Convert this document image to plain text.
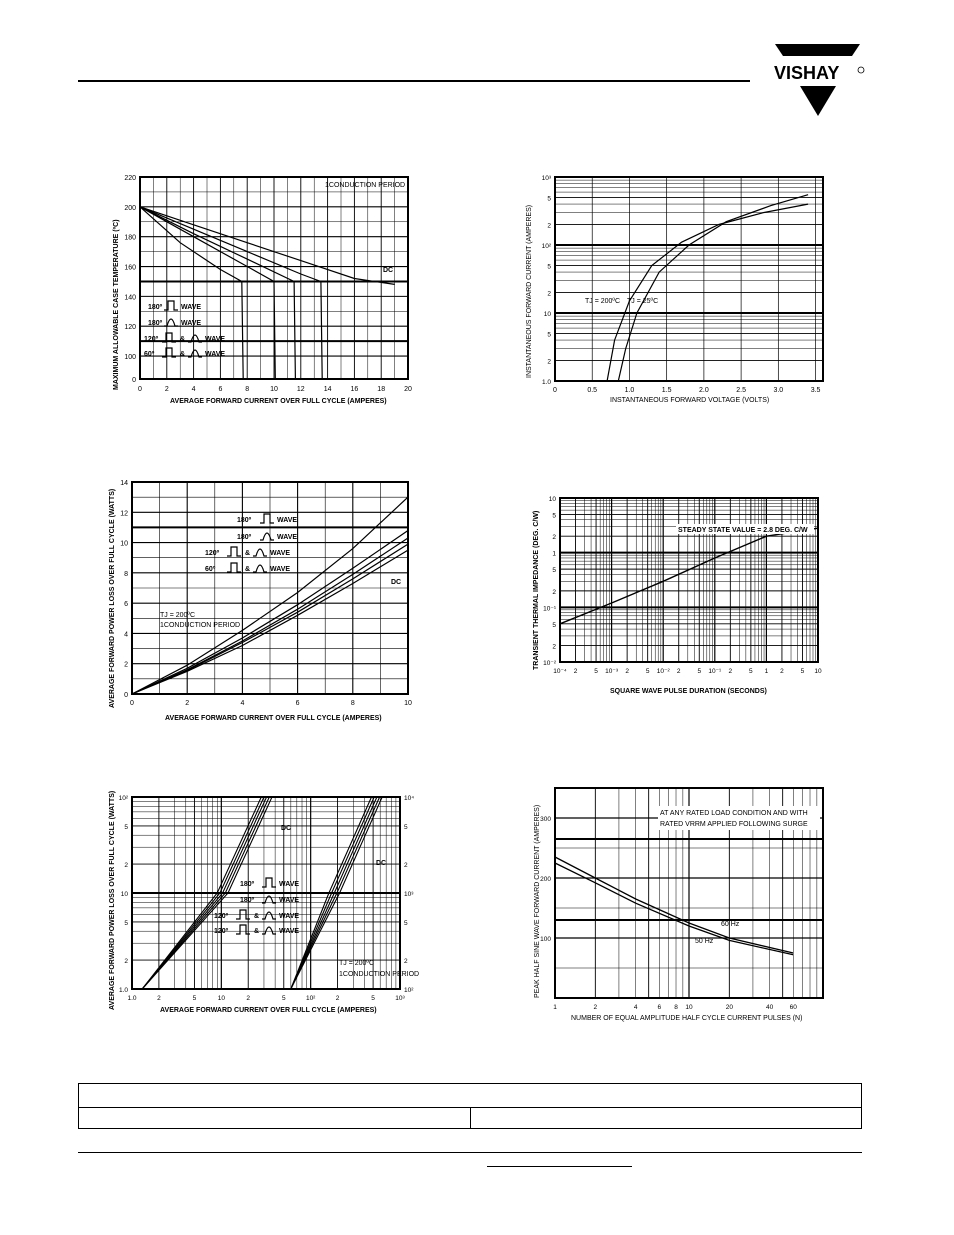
VISHAY
0	2	4	6	8	10	12	14	16	18	20
0
100
120
140
160
180
200
220
MAXIMUM ALLOWABLE CASE TEMPERATURE (ºC)
AVERAGE FORWARD CURRENT OVER FULL CYCLE (AMPERES)
1CONDUCTION PERIOD
DC
180º	WAVE
180º	WAVE
120º	&	WAVE
60º	&	WAVE
0	0.5	1.0	1.5	2.0	2.5	3.0	3.5
1.0
2
5
10
2
5
10²
2
5
10³
INSTANTANEOUS FORWARD CURRENT (AMPERES)
INSTANTANEOUS FORWARD VOLTAGE (VOLTS)
TJ = 200ºC TJ = 25ºC
0	2	4	6	8	10
0
2
4
6
8
10
12
14
AVERAGE FORWARD POWER LOSS OVER FULL CYCLE (WATTS)
AVERAGE FORWARD CURRENT OVER FULL CYCLE (AMPERES)
TJ = 200ºC
1CONDUCTION PERIOD
DC
180º	WAVE
180º	WAVE
120º	&	WAVE
60º	&	WAVE
10⁻⁴ 2	5 10⁻³ 2	5 10⁻² 2	5 10⁻¹ 2	5 1 2	5 10
10⁻²
2
5
10⁻¹
2
5
1
2
5
10
TRANSIENT THERMAL IMPEDANCE (DEG. C/W)
SQUARE WAVE PULSE DURATION (SECONDS)
STEADY STATE VALUE = 2.8 DEG. C/W
1.0	2	5	10	2	5	10²	2	5	10³
1.0
2
5
10
2
5
10²
10²
2
5
10³
2
5
10⁴
AVERAGE FORWARD POWER LOSS OVER FULL CYCLE (WATTS)
AVERAGE FORWARD CURRENT OVER FULL CYCLE (AMPERES)
DC
DC
TJ = 200ºC
1CONDUCTION PERIOD
180º	WAVE
180º	WAVE
120º	&	WAVE
120º	&	WAVE
1	2	4	6 8 10	20	40	60
100
200
300
PEAK HALF SINE WAVE FORWARD CURRENT (AMPERES)
NUMBER OF EQUAL AMPLITUDE HALF CYCLE CURRENT PULSES (N)
AT ANY RATED LOAD CONDITION AND WITH
RATED VRRM APPLIED FOLLOWING SURGE
60 Hz
50 Hz
